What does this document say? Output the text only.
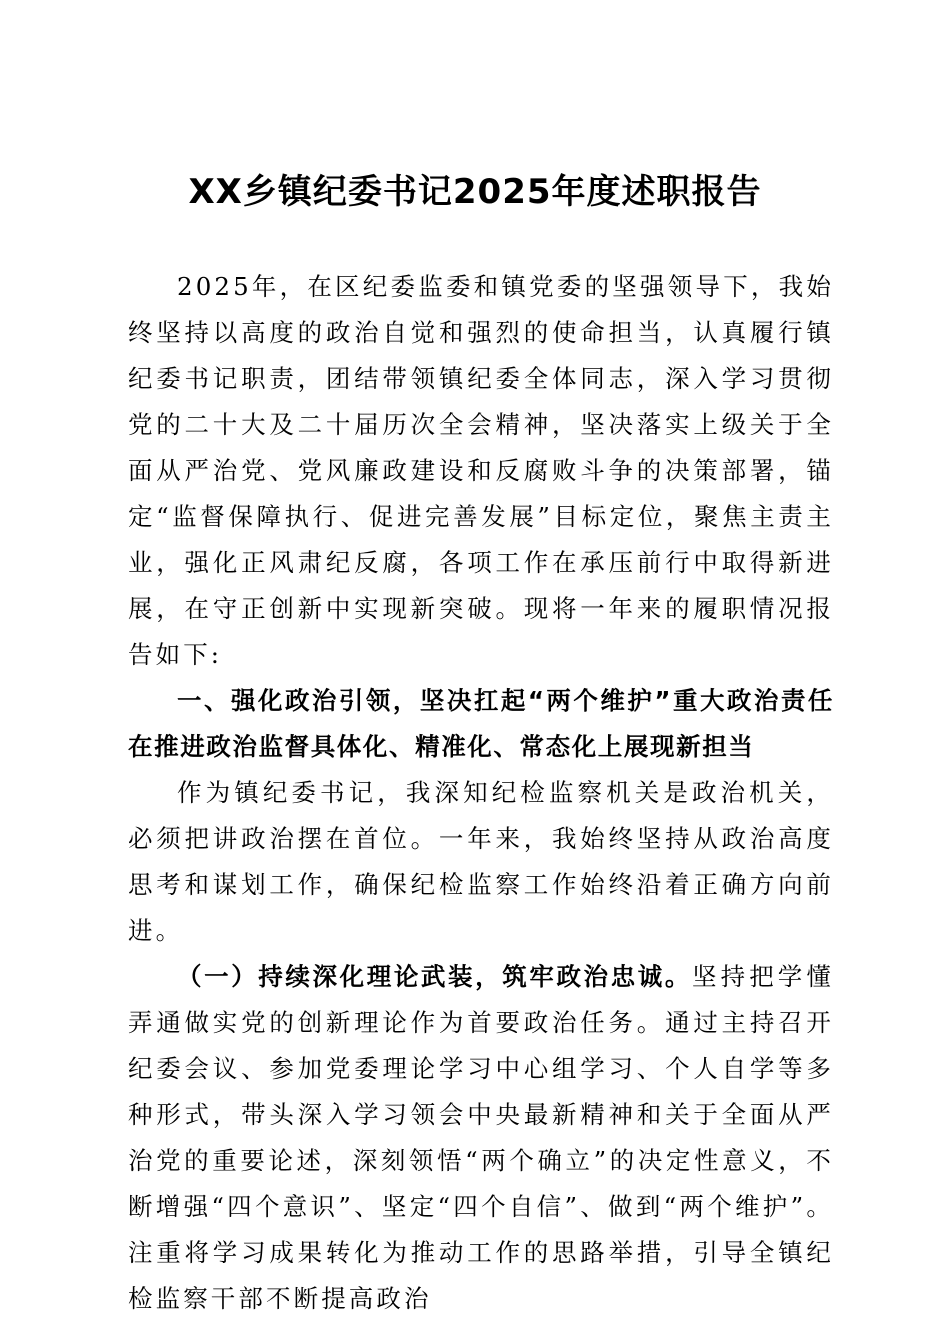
XX乡镇纪委书记2025年度述职报告

2025年，在区纪委监委和镇党委的坚强领导下，我始终坚持以高度的政治自觉和强烈的使命担当，认真履行镇纪委书记职责，团结带领镇纪委全体同志，深入学习贯彻党的二十大及二十届历次全会精神，坚决落实上级关于全面从严治党、党风廉政建设和反腐败斗争的决策部署，锚定“监督保障执行、促进完善发展”目标定位，聚焦主责主业，强化正风肃纪反腐，各项工作在承压前行中取得新进展，在守正创新中实现新突破。现将一年来的履职情况报告如下:

一、强化政治引领，坚决扛起“两个维护”重大政治责任在推进政治监督具体化、精准化、常态化上展现新担当

作为镇纪委书记，我深知纪检监察机关是政治机关，必须把讲政治摆在首位。一年来，我始终坚持从政治高度思考和谋划工作，确保纪检监察工作始终沿着正确方向前进。

（一）持续深化理论武装，筑牢政治忠诚。坚持把学懂弄通做实党的创新理论作为首要政治任务。通过主持召开纪委会议、参加党委理论学习中心组学习、个人自学等多种形式，带头深入学习领会中央最新精神和关于全面从严治党的重要论述，深刻领悟“两个确立”的决定性意义，不断增强“四个意识”、坚定“四个自信”、做到“两个维护”。注重将学习成果转化为推动工作的思路举措，引导全镇纪检监察干部不断提高政治
